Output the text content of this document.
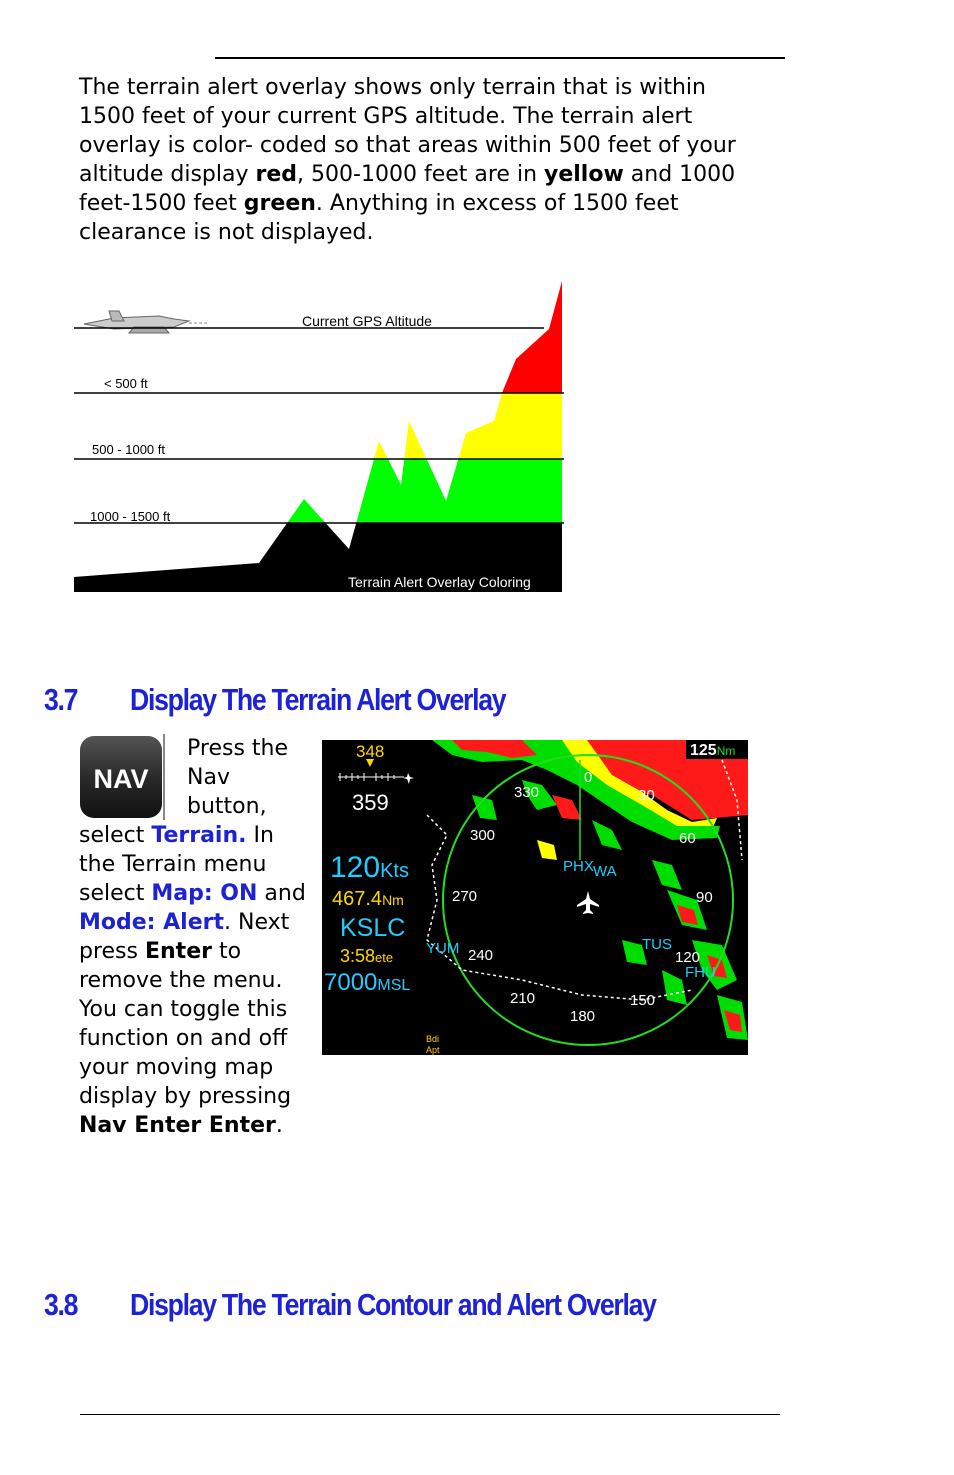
The terrain alert overlay shows only terrain that is within 1500 feet of your current GPS altitude. The terrain alert overlay is color- coded so that areas within 500 feet of your altitude display red, 500-1000 feet are in yellow and 1000 feet-1500 feet green. Anything in excess of 1500 feet clearance is not displayed.

Current GPS Altitude
< 500 ft
500 - 1000 ft
1000 - 1500 ft
Terrain Alert Overlay Coloring
3.7 Display The Terrain Alert Overlay
NAV
Press the Nav button, select Terrain. In the Terrain menu select Map: ON and Mode: Alert. Next press Enter to remove the menu. You can toggle this function on and off your moving map display by pressing Nav Enter Enter.
0
30
60
90
120
150
180
210
240
270
300
330
PHX WA
TUS
FHU
YUM
348
359
120Kts
467.4Nm
KSLC
3:58ete
7000MSL
Bdi
Apt
125Nm
3.8 Display The Terrain Contour and Alert Overlay
